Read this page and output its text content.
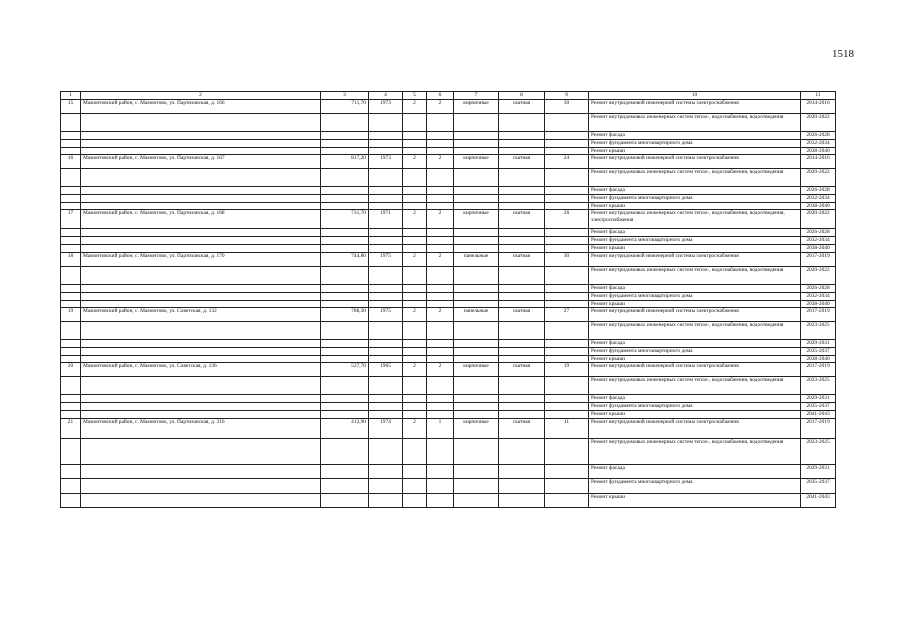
1518
1	2	3	4	5	6	7	8	9	10	11
15	Мамонтовский район, с. Мамонтово, ул. Партизанская, д. 166	711,70	1973	2	2	кирпичные	скатная	30	Ремонт внутридомовой инженерной системы электроснабжения	2014-2016
									Ремонт внутридомовых инженерных систем тепло-, водоснабжения, водоотведения	2020-2022
									Ремонт фасада	2026-2028
									Ремонт фундамента многоквартирного дома	2032-2034
									Ремонт крыши	2038-2040
16	Мамонтовский район, с. Мамонтово, ул. Партизанская, д. 167	817,20	1973	2	2	кирпичные	скатная	24	Ремонт внутридомовой инженерной системы электроснабжения	2014-2016
									Ремонт внутридомовых инженерных систем тепло-, водоснабжения, водоотведения	2020-2022
									Ремонт фасада	2026-2028
									Ремонт фундамента многоквартирного дома	2032-2034
									Ремонт крыши	2038-2040
17	Мамонтовский район, с. Мамонтово, ул. Партизанская, д. 168	731,70	1971	2	2	кирпичные	скатная	26	Ремонт внутридомовых инженерных систем тепло-, водоснабжения, водоотведения, электроснабжения	2020-2022
									Ремонт фасада	2026-2028
									Ремонт фундамента многоквартирного дома	2032-2034
									Ремонт крыши	2038-2040
18	Мамонтовский район, с. Мамонтово, ул. Партизанская, д. 170	744,80	1975	2	2	панельные	скатная	30	Ремонт внутридомовой инженерной системы электроснабжения	2017-2019
									Ремонт внутридомовых инженерных систем тепло-, водоснабжения, водоотведения	2020-2022
									Ремонт фасада	2026-2028
									Ремонт фундамента многоквартирного дома	2032-2034
									Ремонт крыши	2038-2040
19	Мамонтовский район, с. Мамонтово, ул. Советская, д. 132	788,30	1975	2	2	панельные	скатная	27	Ремонт внутридомовой инженерной системы электроснабжения	2017-2019
									Ремонт внутридомовых инженерных систем тепло-, водоснабжения, водоотведения	2023-2025
									Ремонт фасада	2029-2031
									Ремонт фундамента многоквартирного дома	2035-2037
									Ремонт крыши	2038-2040
20	Мамонтовский район, с. Мамонтово, ул. Советская, д. 136	527,70	1965	2	2	кирпичные	скатная	19	Ремонт внутридомовой инженерной системы электроснабжения	2017-2019
									Ремонт внутридомовых инженерных систем тепло-, водоснабжения, водоотведения	2023-2025
									Ремонт фасада	2029-2031
									Ремонт фундамента многоквартирного дома	2035-2037
									Ремонт крыши	2041-2043
21	Мамонтовский район, с. Мамонтово, ул. Партизанская, д. 316	412,90	1974	2	1	кирпичные	скатная	11	Ремонт внутридомовой инженерной системы электроснабжения	2017-2019
									Ремонт внутридомовых инженерных систем тепло-, водоснабжения, водоотведения	2023-2025
									Ремонт фасада	2029-2031
									Ремонт фундамента многоквартирного дома	2035-2037
									Ремонт крыши	2041-2043
